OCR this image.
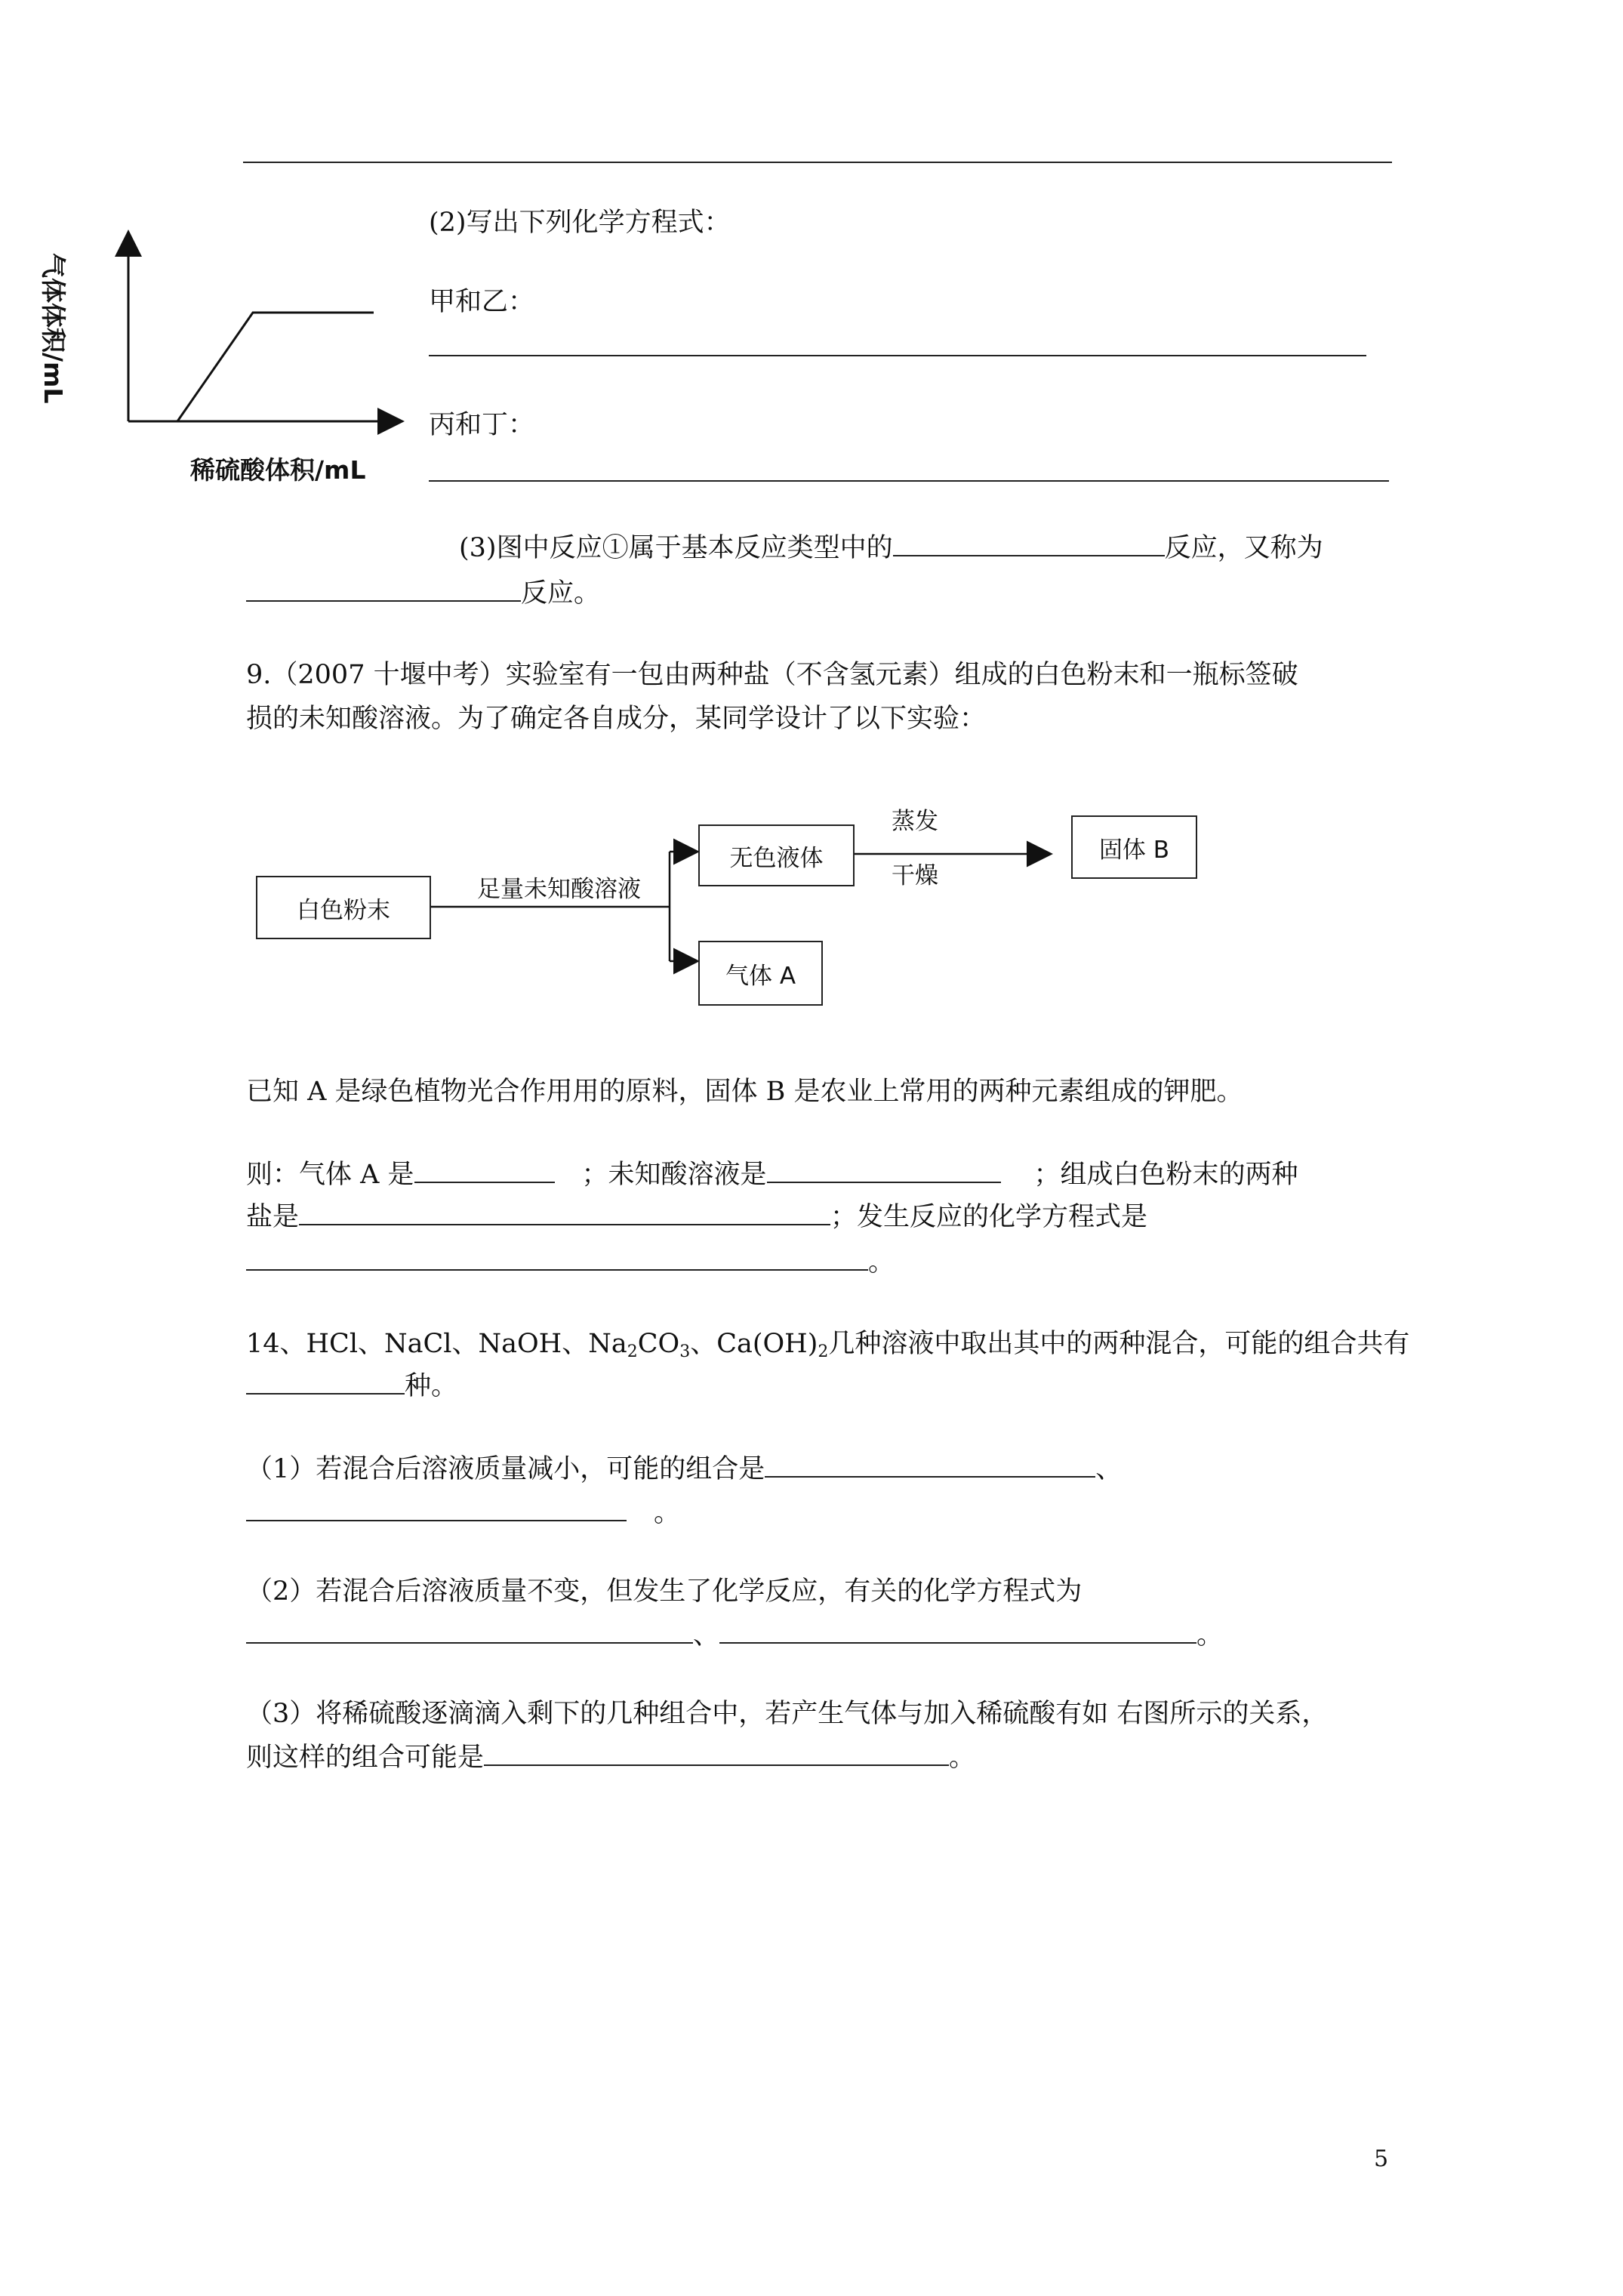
气体体积/mL
稀硫酸体积/mL
(2)写出下列化学方程式：
甲和乙：
丙和丁：
(3)图中反应①属于基本反应类型中的	反应，又称为
反应。
9.（2007 十堰中考）实验室有一包由两种盐（不含氢元素）组成的白色粉末和一瓶标签破
损的未知酸溶液。为了确定各自成分，某同学设计了以下实验：
白色粉末
无色液体	固体 B
气体 A
足量未知酸溶液
蒸发
干燥
已知 A 是绿色植物光合作用用的原料，固体 B 是农业上常用的两种元素组成的钾肥。
则：气体 A 是	；未知酸溶液是	；组成白色粉末的两种
盐是	；发生反应的化学方程式是
。
14、HCl、NaCl、NaOH、$Na_2CO_3$、$Ca(OH)_2$几种溶液中取出其中的两种混合，可能的组合共有
种。
（1）若混合后溶液质量减小，可能的组合是	、
。
（2）若混合后溶液质量不变，但发生了化学反应，有关的化学方程式为
、	。
（3）将稀硫酸逐滴滴入剩下的几种组合中，若产生气体与加入稀硫酸有如 右图所示的关系，
则这样的组合可能是	。
5
